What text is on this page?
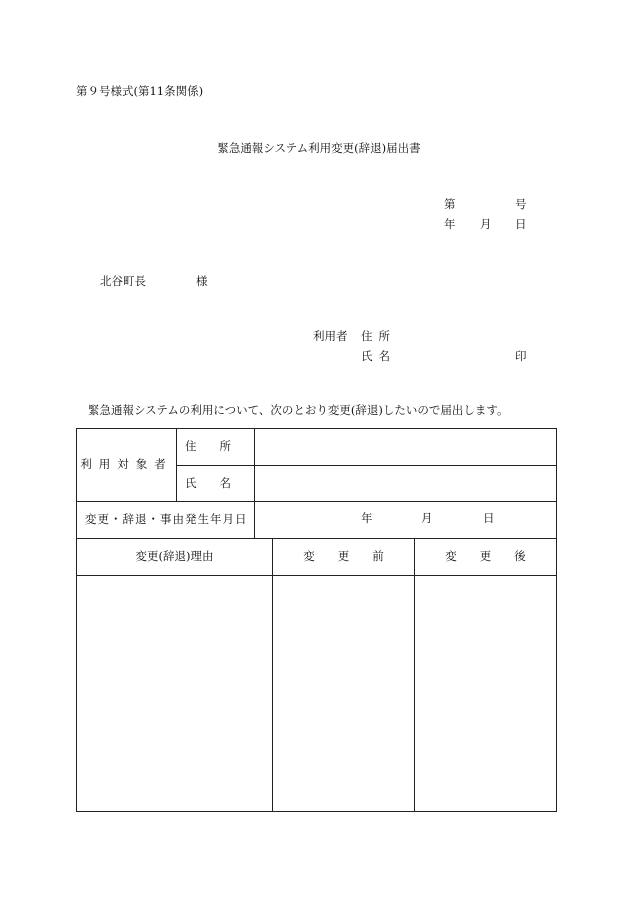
第９号様式(第11条関係)
緊急通報システム利用変更(辞退)届出書
第	号
年 月 日
北谷町長	様
利用者 住所
氏名	印
緊急通報システムの利用について、次のとおり変更(辞退)したいので届出します。
利用対象者	住　　所			
	氏　　名			
変更・辞退・事由発生年月日		年 月 日		

変更(辞退)理由			変　　更　　前	変　　更　　後
